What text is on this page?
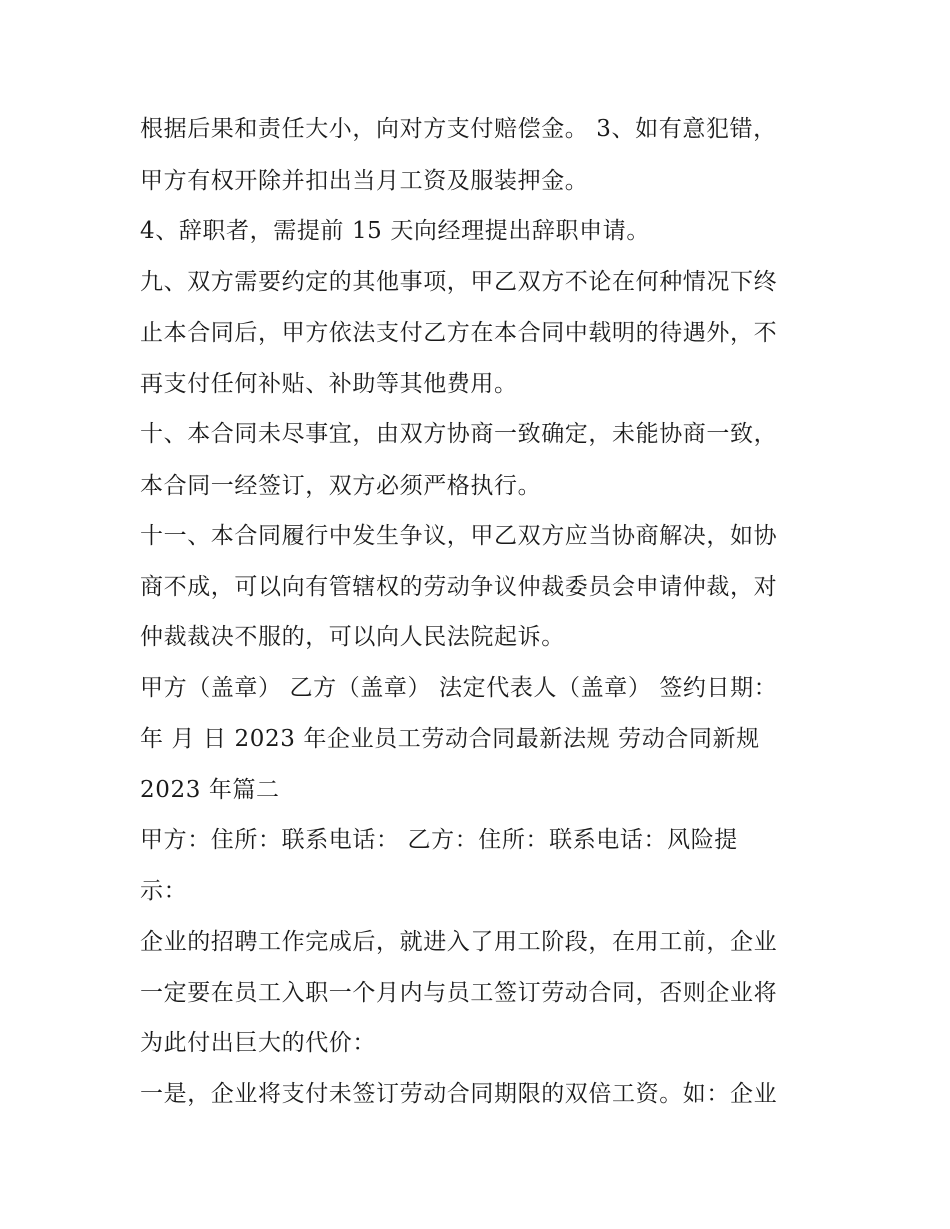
根据后果和责任大小，向对方支付赔偿金。 3、如有意犯错，

甲方有权开除并扣出当月工资及服装押金。

4、辞职者，需提前 15 天向经理提出辞职申请。

九、双方需要约定的其他事项，甲乙双方不论在何种情况下终

止本合同后，甲方依法支付乙方在本合同中载明的待遇外，不

再支付任何补贴、补助等其他费用。

十、本合同未尽事宜，由双方协商一致确定，未能协商一致，

本合同一经签订，双方必须严格执行。

十一、本合同履行中发生争议，甲乙双方应当协商解决，如协

商不成，可以向有管辖权的劳动争议仲裁委员会申请仲裁，对

仲裁裁决不服的，可以向人民法院起诉。

甲方（盖章） 乙方（盖章） 法定代表人（盖章） 签约日期：

年 月 日 2023 年企业员工劳动合同最新法规 劳动合同新规

2023 年篇二

甲方：住所：联系电话： 乙方：住所：联系电话：风险提

示：

企业的招聘工作完成后，就进入了用工阶段，在用工前，企业

一定要在员工入职一个月内与员工签订劳动合同，否则企业将

为此付出巨大的代价：

一是，企业将支付未签订劳动合同期限的双倍工资。如：企业
